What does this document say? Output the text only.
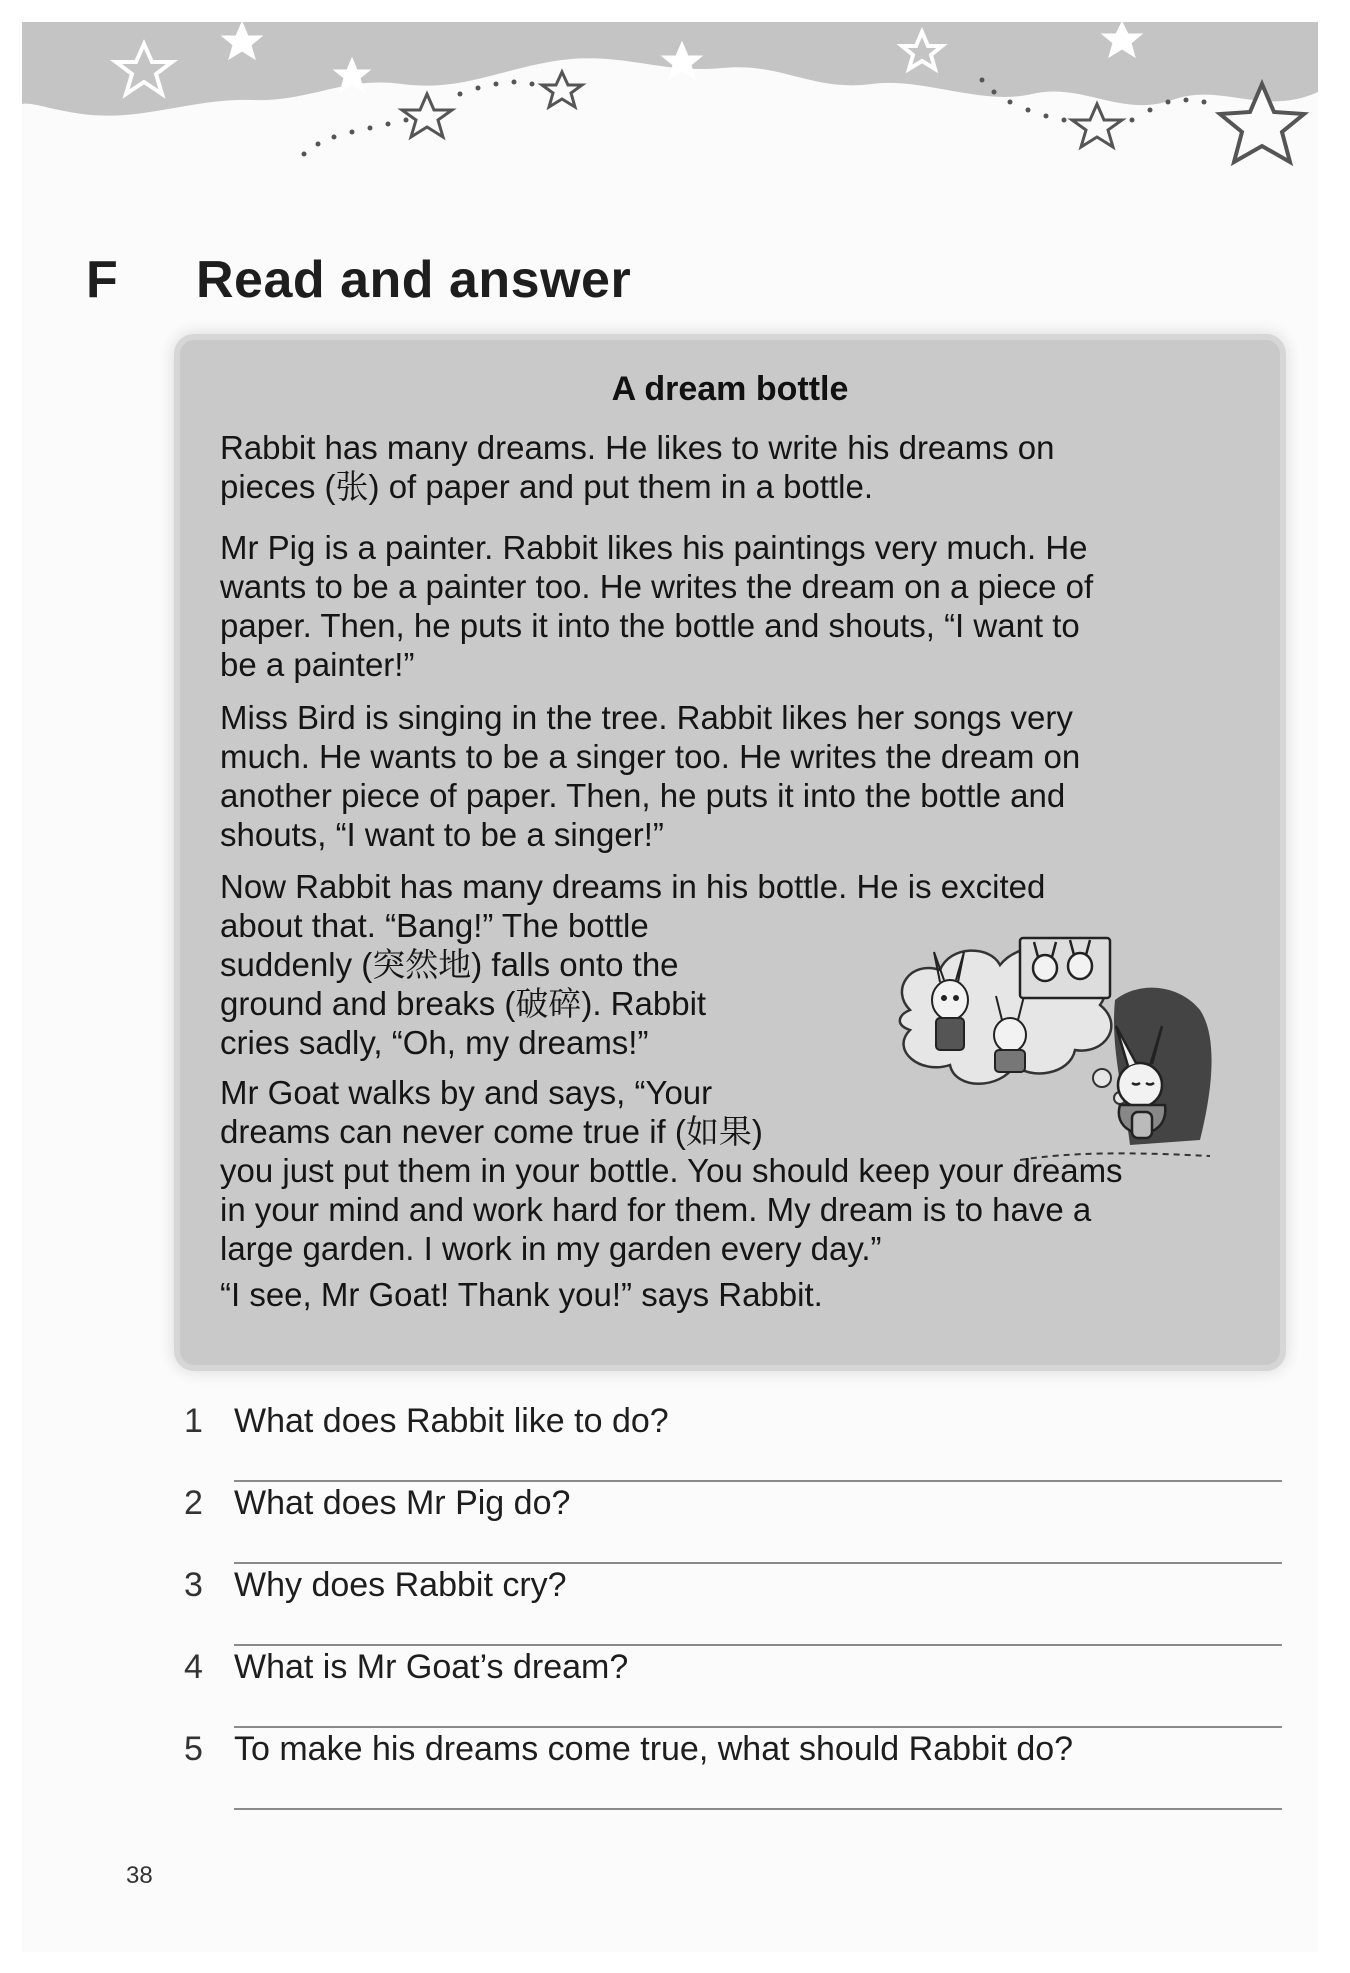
F Read and answer
A dream bottle

Rabbit has many dreams. He likes to write his dreams on
pieces (张) of paper and put them in a bottle.

Mr Pig is a painter. Rabbit likes his paintings very much. He
wants to be a painter too. He writes the dream on a piece of
paper. Then, he puts it into the bottle and shouts, “I want to
be a painter!”

Miss Bird is singing in the tree. Rabbit likes her songs very
much. He wants to be a singer too. He writes the dream on
another piece of paper. Then, he puts it into the bottle and
shouts, “I want to be a singer!”

Now Rabbit has many dreams in his bottle. He is excited
about that. “Bang!” The bottle
suddenly (突然地) falls onto the
ground and breaks (破碎). Rabbit
cries sadly, “Oh, my dreams!”

Mr Goat walks by and says, “Your
dreams can never come true if (如果)
you just put them in your bottle. You should keep your dreams
in your mind and work hard for them. My dream is to have a
large garden. I work in my garden every day.”

“I see, Mr Goat! Thank you!” says Rabbit.

1 What does Rabbit like to do?
2 What does Mr Pig do?
3 Why does Rabbit cry?
4 What is Mr Goat’s dream?
5 To make his dreams come true, what should Rabbit do?
38
